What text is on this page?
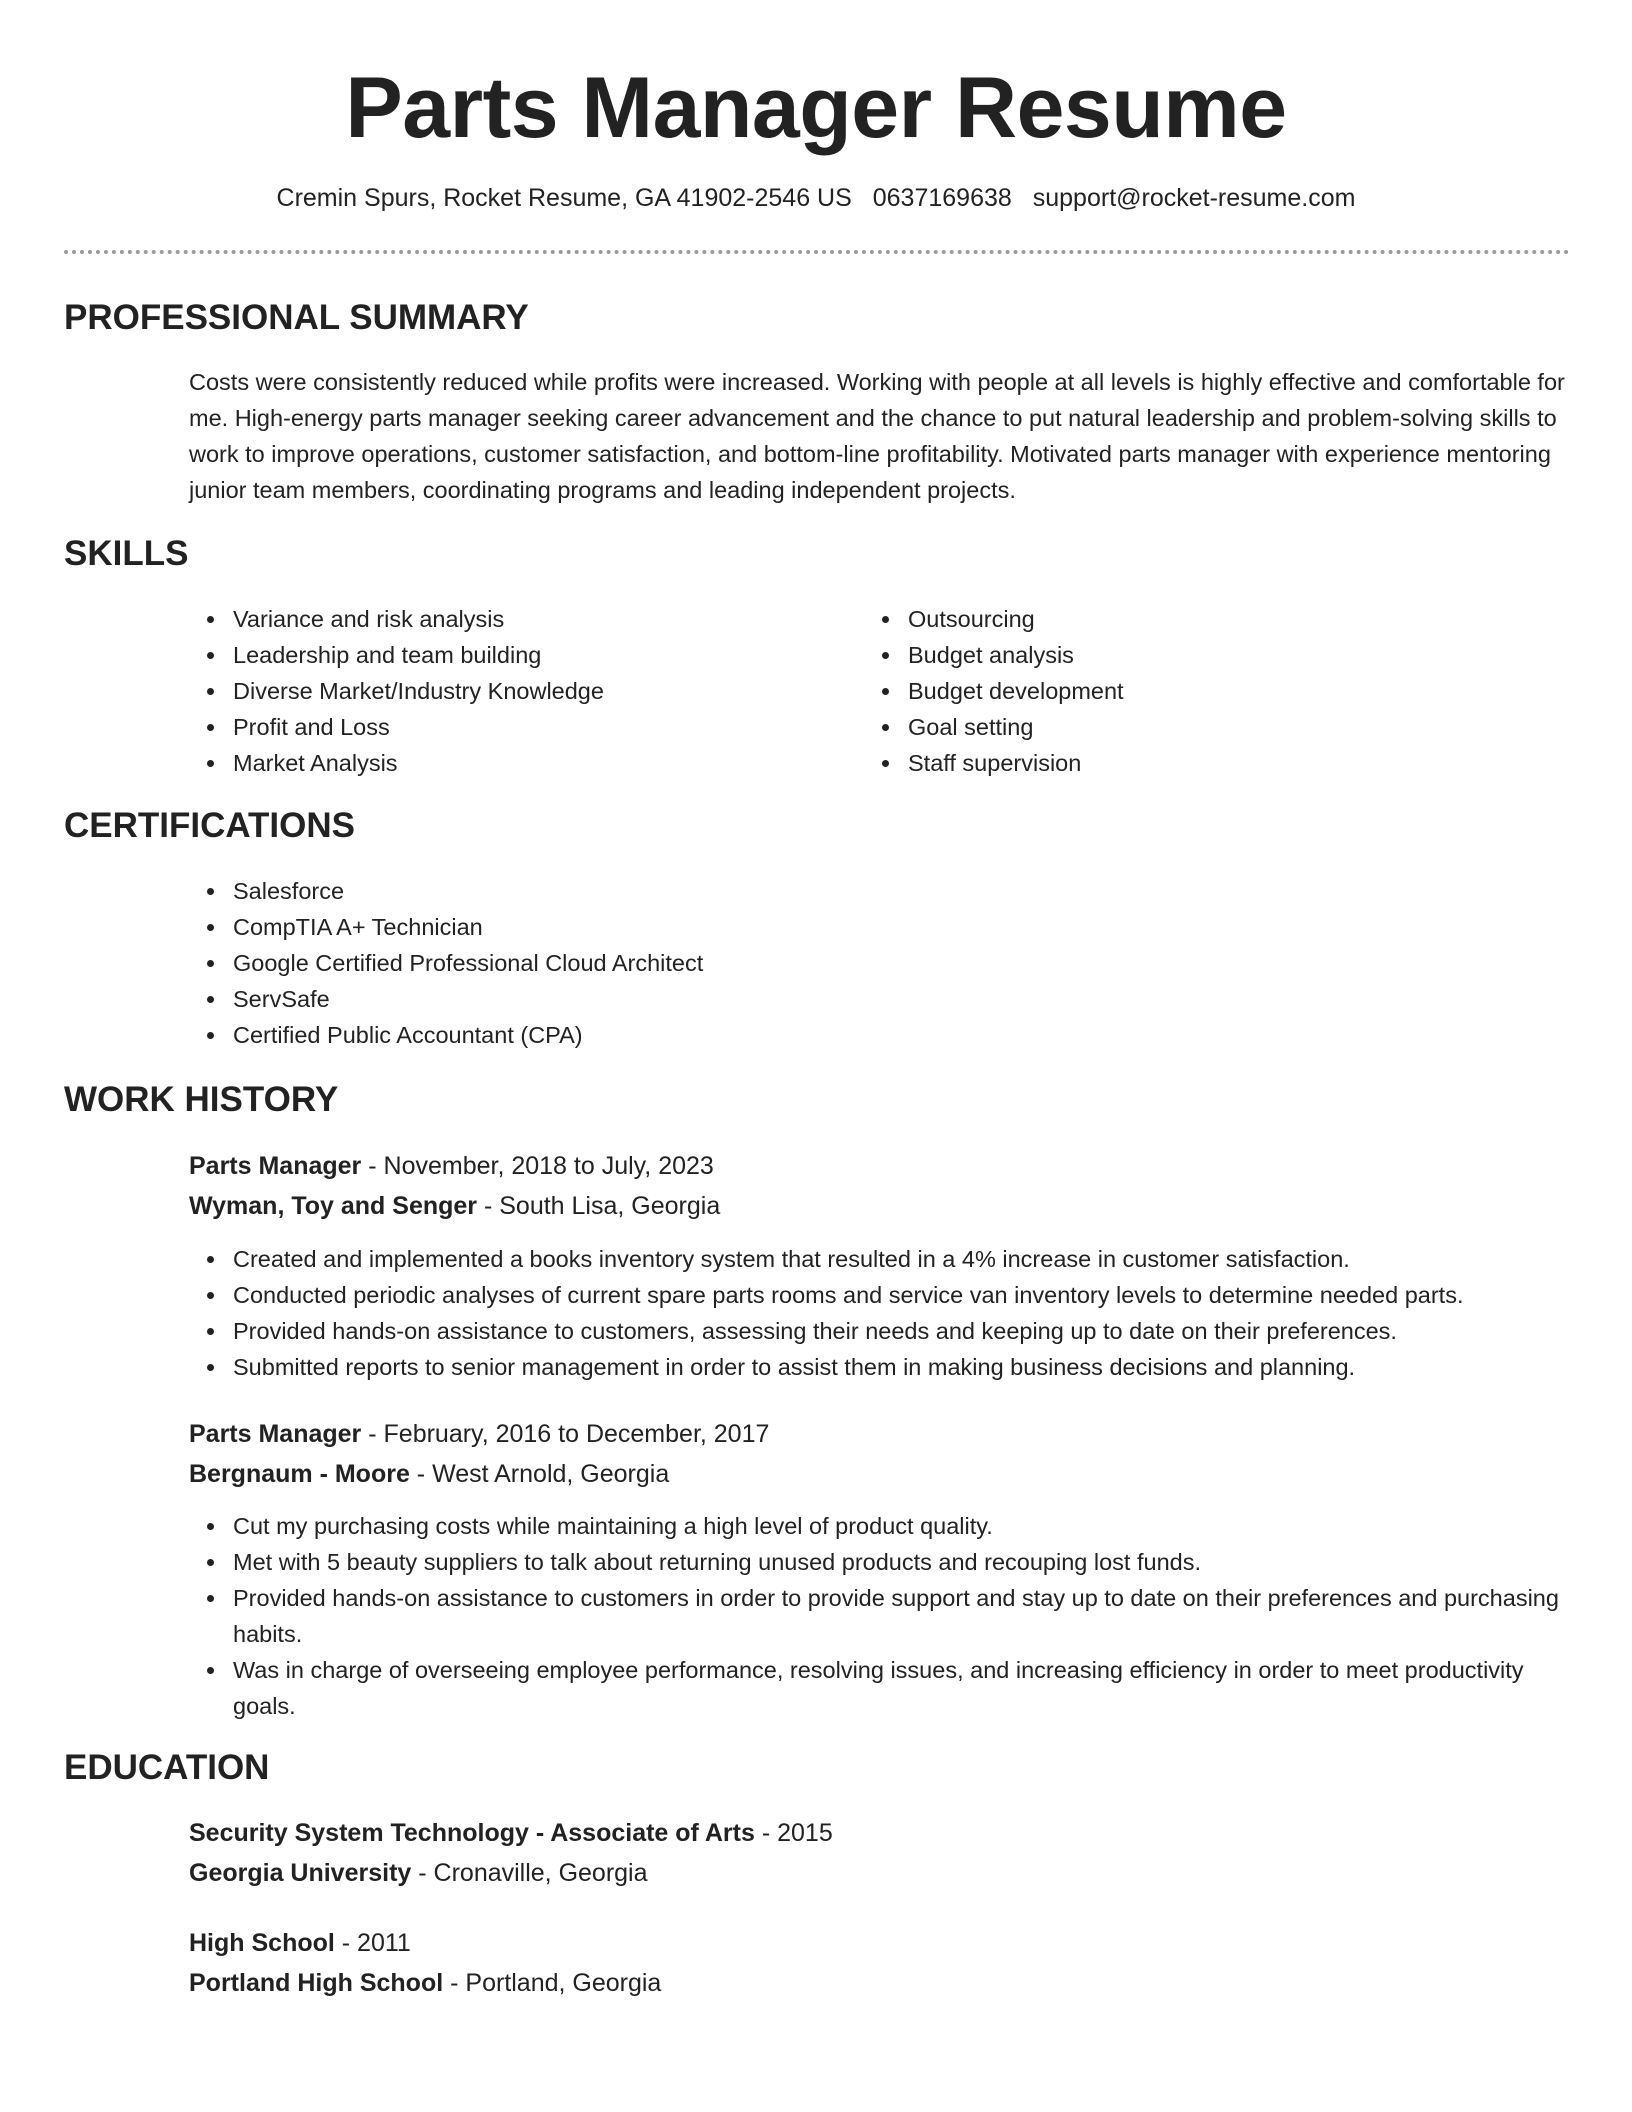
Parts Manager Resume
Cremin Spurs, Rocket Resume, GA 41902-2546 US 0637169638 support@rocket-resume.com
PROFESSIONAL SUMMARY

Costs were consistently reduced while profits were increased. Working with people at all levels is highly effective and comfortable for me. High-energy parts manager seeking career advancement and the chance to put natural leadership and problem-solving skills to work to improve operations, customer satisfaction, and bottom-line profitability. Motivated parts manager with experience mentoring junior team members, coordinating programs and leading independent projects.

SKILLS
Variance and risk analysis
Leadership and team building
Diverse Market/Industry Knowledge
Profit and Loss
Market Analysis
Outsourcing
Budget analysis
Budget development
Goal setting
Staff supervision
CERTIFICATIONS
Salesforce
CompTIA A+ Technician
Google Certified Professional Cloud Architect
ServSafe
Certified Public Accountant (CPA)
WORK HISTORY
Parts Manager - November, 2018 to July, 2023
Wyman, Toy and Senger - South Lisa, Georgia
Created and implemented a books inventory system that resulted in a 4% increase in customer satisfaction.
Conducted periodic analyses of current spare parts rooms and service van inventory levels to determine needed parts.
Provided hands-on assistance to customers, assessing their needs and keeping up to date on their preferences.
Submitted reports to senior management in order to assist them in making business decisions and planning.
Parts Manager - February, 2016 to December, 2017
Bergnaum - Moore - West Arnold, Georgia
Cut my purchasing costs while maintaining a high level of product quality.
Met with 5 beauty suppliers to talk about returning unused products and recouping lost funds.
Provided hands-on assistance to customers in order to provide support and stay up to date on their preferences and purchasing habits.
Was in charge of overseeing employee performance, resolving issues, and increasing efficiency in order to meet productivity goals.
EDUCATION
Security System Technology - Associate of Arts - 2015
Georgia University - Cronaville, Georgia
High School - 2011
Portland High School - Portland, Georgia
